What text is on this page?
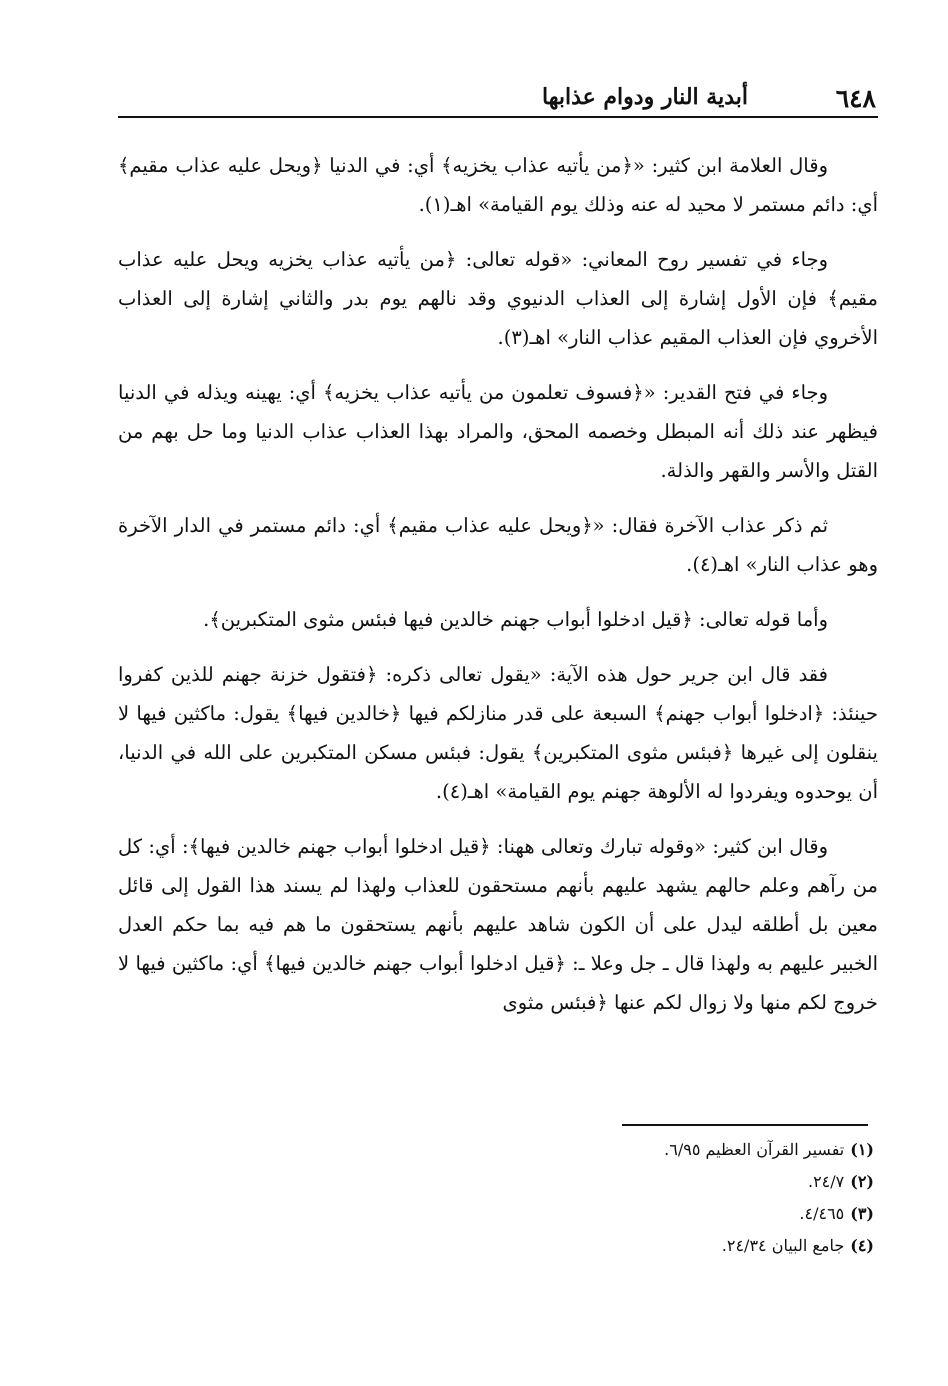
٦٤٨
أبدية النار ودوام عذابها

وقال العلامة ابن كثير: «﴿من يأتيه عذاب يخزيه﴾ أي: في الدنيا ﴿ويحل عليه عذاب مقيم﴾ أي: دائم مستمر لا محيد له عنه وذلك يوم القيامة» اهـ(١).

وجاء في تفسير روح المعاني: «قوله تعالى: ﴿من يأتيه عذاب يخزيه ويحل عليه عذاب مقيم﴾ فإن الأول إشارة إلى العذاب الدنيوي وقد نالهم يوم بدر والثاني إشارة إلى العذاب الأخروي فإن العذاب المقيم عذاب النار» اهـ(٣).

وجاء في فتح القدير: «﴿فسوف تعلمون من يأتيه عذاب يخزيه﴾ أي: يهينه ويذله في الدنيا فيظهر عند ذلك أنه المبطل وخصمه المحق، والمراد بهذا العذاب عذاب الدنيا وما حل بهم من القتل والأسر والقهر والذلة.

ثم ذكر عذاب الآخرة فقال: «﴿ويحل عليه عذاب مقيم﴾ أي: دائم مستمر في الدار الآخرة وهو عذاب النار» اهـ(٤).

وأما قوله تعالى: ﴿قيل ادخلوا أبواب جهنم خالدين فيها فبئس مثوى المتكبرين﴾.

فقد قال ابن جرير حول هذه الآية: «يقول تعالى ذكره: ﴿فتقول خزنة جهنم للذين كفروا حينئذ: ﴿ادخلوا أبواب جهنم﴾ السبعة على قدر منازلكم فيها ﴿خالدين فيها﴾ يقول: ماكثين فيها لا ينقلون إلى غيرها ﴿فبئس مثوى المتكبرين﴾ يقول: فبئس مسكن المتكبرين على الله في الدنيا، أن يوحدوه ويفردوا له الألوهة جهنم يوم القيامة» اهـ(٤).

وقال ابن كثير: «وقوله تبارك وتعالى ههنا: ﴿قيل ادخلوا أبواب جهنم خالدين فيها﴾: أي: كل من رآهم وعلم حالهم يشهد عليهم بأنهم مستحقون للعذاب ولهذا لم يسند هذا القول إلى قائل معين بل أطلقه ليدل على أن الكون شاهد عليهم بأنهم يستحقون ما هم فيه بما حكم العدل الخبير عليهم به ولهذا قال ـ جل وعلا ـ: ﴿قيل ادخلوا أبواب جهنم خالدين فيها﴾ أي: ماكثين فيها لا خروج لكم منها ولا زوال لكم عنها ﴿فبئس مثوى

(١)تفسير القرآن العظيم ٦/٩٥.
(٢)٢٤/٧.
(٣)٤/٤٦٥.
(٤)جامع البيان ٢٤/٣٤.
